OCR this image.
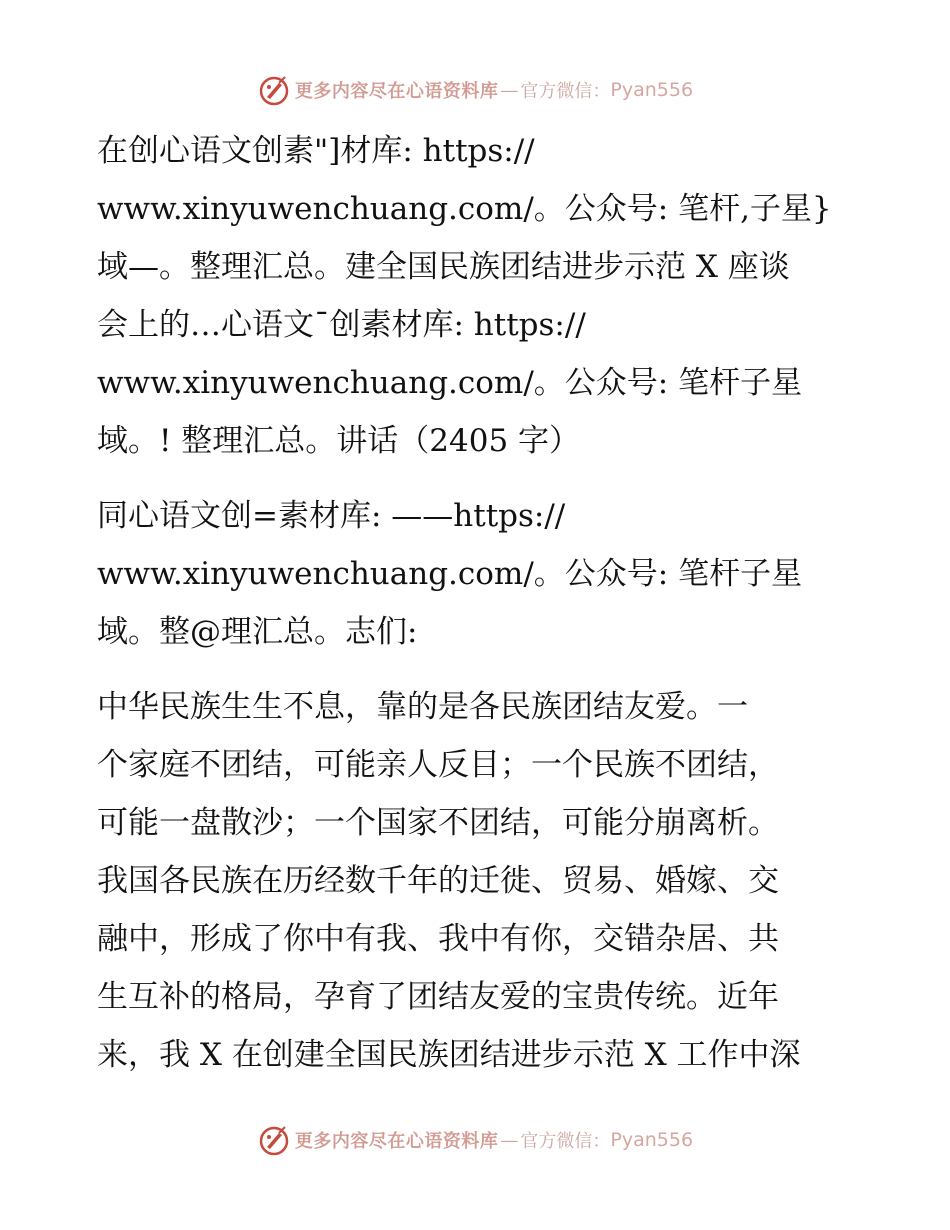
更多内容尽在心语资料库 — 官方微信： Pyan556

在创心语文创素"]材库: https://
www.xinyuwenchuang.com/。公众号: 笔杆,子星}
域—。整理汇总。建全国民族团结进步示范 X 座谈
会上的…心语文¯创素材库: https://
www.xinyuwenchuang.com/。公众号: 笔杆子星
域。! 整理汇总。讲话（2405 字）

同心语文创=素材库: ——https://
www.xinyuwenchuang.com/。公众号: 笔杆子星
域。整@理汇总。志们:

中华民族生生不息，靠的是各民族团结友爱。一
个家庭不团结，可能亲人反目；一个民族不团结，
可能一盘散沙；一个国家不团结，可能分崩离析。
我国各民族在历经数千年的迁徙、贸易、婚嫁、交
融中，形成了你中有我、我中有你，交错杂居、共
生互补的格局，孕育了团结友爱的宝贵传统。近年
来，我 X 在创建全国民族团结进步示范 X 工作中深

更多内容尽在心语资料库 — 官方微信： Pyan556
